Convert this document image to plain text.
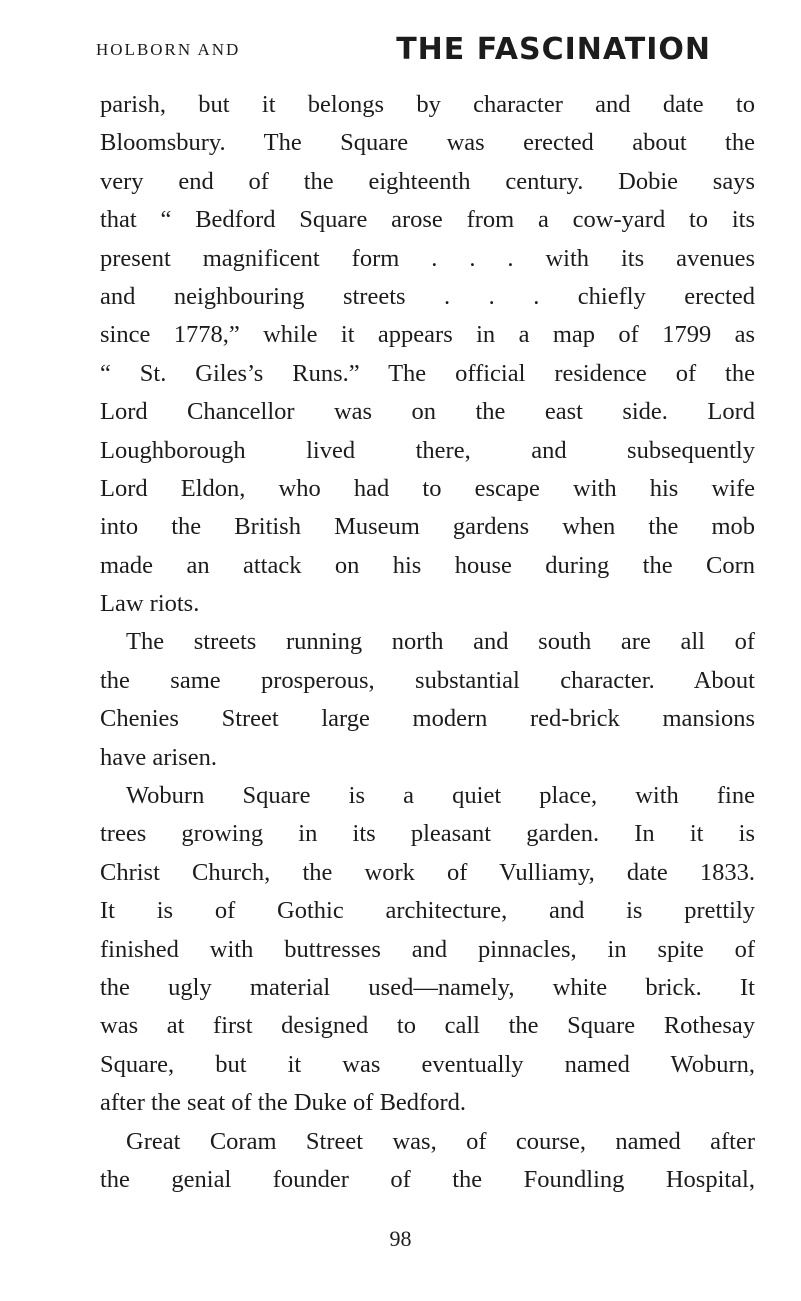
HOLBORN AND	THE FASCINATION
parish, but it belongs by character and date to
Bloomsbury. The Square was erected about the
very end of the eighteenth century. Dobie says
that “ Bedford Square arose from a cow-yard to its
present magnificent form . . . with its avenues
and neighbouring streets . . . chiefly erected
since 1778,” while it appears in a map of 1799 as
“ St. Giles’s Runs.” The official residence of the
Lord Chancellor was on the east side. Lord
Loughborough lived there, and subsequently
Lord Eldon, who had to escape with his wife
into the British Museum gardens when the mob
made an attack on his house during the Corn
Law riots.
The streets running north and south are all of
the same prosperous, substantial character. About
Chenies Street large modern red-brick mansions
have arisen.
Woburn Square is a quiet place, with fine
trees growing in its pleasant garden. In it is
Christ Church, the work of Vulliamy, date 1833.
It is of Gothic architecture, and is prettily
finished with buttresses and pinnacles, in spite of
the ugly material used—namely, white brick. It
was at first designed to call the Square Rothesay
Square, but it was eventually named Woburn,
after the seat of the Duke of Bedford.
Great Coram Street was, of course, named after
the genial founder of the Foundling Hospital,
98
